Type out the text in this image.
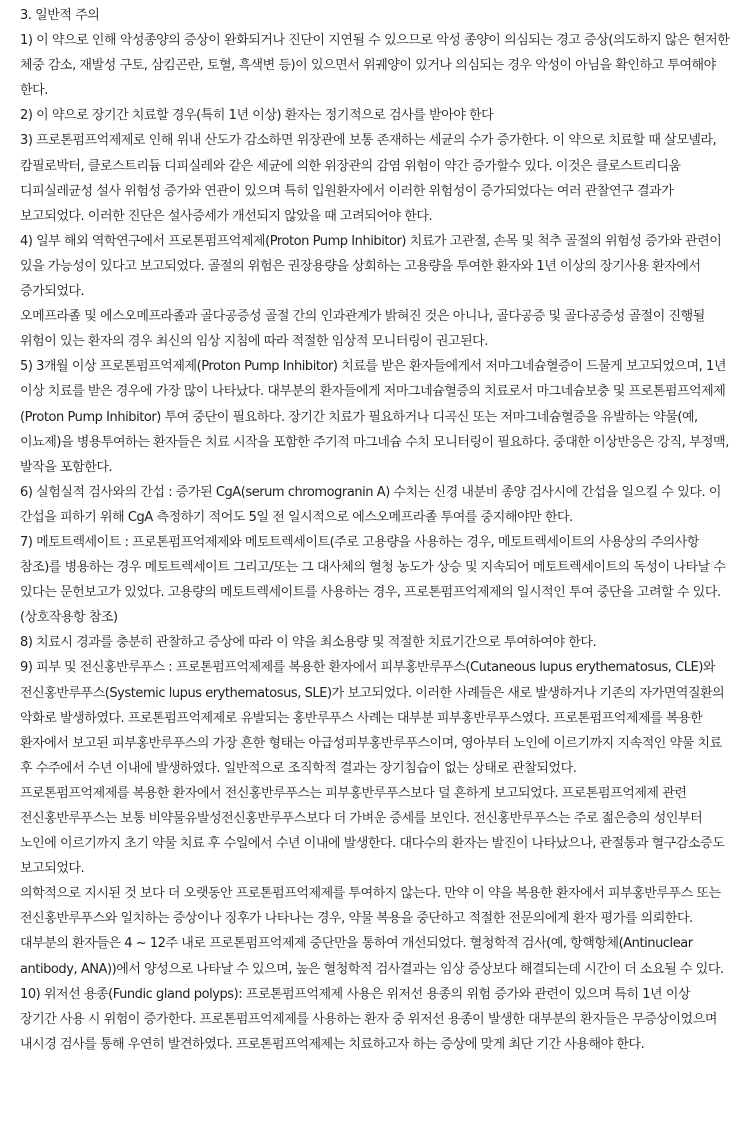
3. 일반적 주의

1) 이 약으로 인해 악성종양의 증상이 완화되거나 진단이 지연될 수 있으므로 악성 종양이 의심되는 경고 증상(의도하지 않은 현저한 체중 감소, 재발성 구토, 삼킴곤란, 토혈, 흑색변 등)이 있으면서 위궤양이 있거나 의심되는 경우 악성이 아님을 확인하고 투여해야 한다.

2) 이 약으로 장기간 치료할 경우(특히 1년 이상) 환자는 정기적으로 검사를 받아야 한다

3) 프로톤펌프억제제로 인해 위내 산도가 감소하면 위장관에 보통 존재하는 세균의 수가 증가한다. 이 약으로 치료할 때 살모넬라, 캄필로박터, 클로스트리듐 디피실레와 같은 세균에 의한 위장관의 감염 위험이 약간 증가할수 있다. 이것은 클로스트리디움 디피실레균성 설사 위험성 증가와 연관이 있으며 특히 입원환자에서 이러한 위험성이 증가되었다는 여러 관찰연구 결과가 보고되었다. 이러한 진단은 설사증세가 개선되지 않았을 때 고려되어야 한다.

4) 일부 해외 역학연구에서 프로톤펌프억제제(Proton Pump Inhibitor) 치료가 고관절, 손목 및 척추 골절의 위험성 증가와 관련이 있을 가능성이 있다고 보고되었다. 골절의 위험은 권장용량을 상회하는 고용량을 투여한 환자와 1년 이상의 장기사용 환자에서 증가되었다.

오메프라졸 및 에스오메프라졸과 골다공증성 골절 간의 인과관계가 밝혀진 것은 아니나, 골다공증 및 골다공증성 골절이 진행될 위험이 있는 환자의 경우 최신의 임상 지침에 따라 적절한 임상적 모니터링이 권고된다.

5) 3개월 이상 프로톤펌프억제제(Proton Pump Inhibitor) 치료를 받은 환자들에게서 저마그네슘혈증이 드물게 보고되었으며, 1년 이상 치료를 받은 경우에 가장 많이 나타났다. 대부분의 환자들에게 저마그네슘혈증의 치료로서 마그네슘보충 및 프로톤펌프억제제(Proton Pump Inhibitor) 투여 중단이 필요하다. 장기간 치료가 필요하거나 디곡신 또는 저마그네슘혈증을 유발하는 약물(예, 이뇨제)을 병용투여하는 환자들은 치료 시작을 포함한 주기적 마그네슘 수치 모니터링이 필요하다. 중대한 이상반응은 강직, 부정맥, 발작을 포함한다.

6) 실험실적 검사와의 간섭 : 증가된 CgA(serum chromogranin A) 수치는 신경 내분비 종양 검사시에 간섭을 일으킬 수 있다. 이 간섭을 피하기 위해 CgA 측정하기 적어도 5일 전 일시적으로 에스오메프라졸 투여를 중지해야만 한다.

7) 메토트렉세이트 : 프로톤펌프억제제와 메토트렉세이트(주로 고용량을 사용하는 경우, 메토트렉세이트의 사용상의 주의사항 참조)를 병용하는 경우 메토트렉세이트 그리고/또는 그 대사체의 혈청 농도가 상승 및 지속되어 메토트렉세이트의 독성이 나타날 수 있다는 문헌보고가 있었다. 고용량의 메토트렉세이트를 사용하는 경우, 프로톤펌프억제제의 일시적인 투여 중단을 고려할 수 있다.(상호작용항 참조)

8) 치료시 경과를 충분히 관찰하고 증상에 따라 이 약을 최소용량 및 적절한 치료기간으로 투여하여야 한다.

9) 피부 및 전신홍반루푸스 : 프로톤펌프억제제를 복용한 환자에서 피부홍반루푸스(Cutaneous lupus erythematosus, CLE)와 전신홍반루푸스(Systemic lupus erythematosus, SLE)가 보고되었다. 이러한 사례들은 새로 발생하거나 기존의 자가면역질환의 악화로 발생하였다. 프로톤펌프억제제로 유발되는 홍반루푸스 사례는 대부분 피부홍반루푸스였다. 프로톤펌프억제제를 복용한 환자에서 보고된 피부홍반루푸스의 가장 흔한 형태는 아급성피부홍반루푸스이며, 영아부터 노인에 이르기까지 지속적인 약물 치료 후 수주에서 수년 이내에 발생하였다. 일반적으로 조직학적 결과는 장기침습이 없는 상태로 관찰되었다.

프로톤펌프억제제를 복용한 환자에서 전신홍반루푸스는 피부홍반루푸스보다 덜 흔하게 보고되었다. 프로톤펌프억제제 관련 전신홍반루푸스는 보통 비약물유발성전신홍반루푸스보다 더 가벼운 증세를 보인다. 전신홍반루푸스는 주로 젊은층의 성인부터 노인에 이르기까지 초기 약물 치료 후 수일에서 수년 이내에 발생한다. 대다수의 환자는 발진이 나타났으나, 관절통과 혈구감소증도 보고되었다.

의학적으로 지시된 것 보다 더 오랫동안 프로톤펌프억제제를 투여하지 않는다. 만약 이 약을 복용한 환자에서 피부홍반루푸스 또는 전신홍반루푸스와 일치하는 증상이나 징후가 나타나는 경우, 약물 복용을 중단하고 적절한 전문의에게 환자 평가를 의뢰한다. 대부분의 환자들은 4 ~ 12주 내로 프로톤펌프억제제 중단만을 통하여 개선되었다. 혈청학적 검사(예, 항핵항체(Antinuclear antibody, ANA))에서 양성으로 나타날 수 있으며, 높은 혈청학적 검사결과는 임상 증상보다 해결되는데 시간이 더 소요될 수 있다.

10) 위저선 용종(Fundic gland polyps): 프로톤펌프억제제 사용은 위저선 용종의 위험 증가와 관련이 있으며 특히 1년 이상 장기간 사용 시 위험이 증가한다. 프로톤펌프억제제를 사용하는 환자 중 위저선 용종이 발생한 대부분의 환자들은 무증상이었으며 내시경 검사를 통해 우연히 발견하였다. 프로톤펌프억제제는 치료하고자 하는 증상에 맞게 최단 기간 사용해야 한다.
